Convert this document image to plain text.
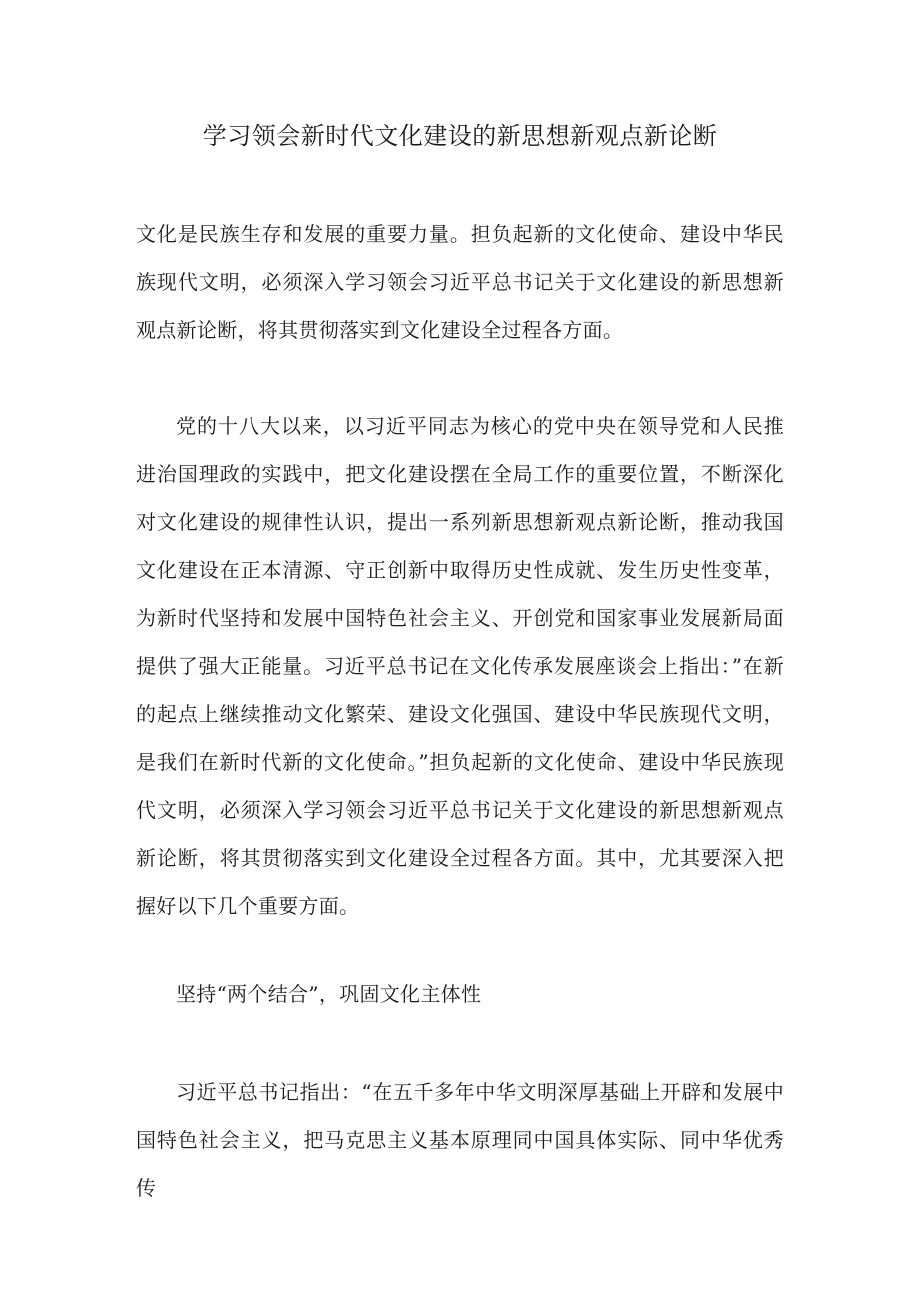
学习领会新时代文化建设的新思想新观点新论断

文化是民族生存和发展的重要力量。担负起新的文化使命、建设中华民族现代文明，必须深入学习领会习近平总书记关于文化建设的新思想新观点新论断，将其贯彻落实到文化建设全过程各方面。

党的十八大以来，以习近平同志为核心的党中央在领导党和人民推进治国理政的实践中，把文化建设摆在全局工作的重要位置，不断深化对文化建设的规律性认识，提出一系列新思想新观点新论断，推动我国文化建设在正本清源、守正创新中取得历史性成就、发生历史性变革，为新时代坚持和发展中国特色社会主义、开创党和国家事业发展新局面提供了强大正能量。习近平总书记在文化传承发展座谈会上指出：”在新的起点上继续推动文化繁荣、建设文化强国、建设中华民族现代文明，是我们在新时代新的文化使命。”担负起新的文化使命、建设中华民族现代文明，必须深入学习领会习近平总书记关于文化建设的新思想新观点新论断，将其贯彻落实到文化建设全过程各方面。其中，尤其要深入把握好以下几个重要方面。

坚持“两个结合”，巩固文化主体性

习近平总书记指出：“在五千多年中华文明深厚基础上开辟和发展中国特色社会主义，把马克思主义基本原理同中国具体实际、同中华优秀传
